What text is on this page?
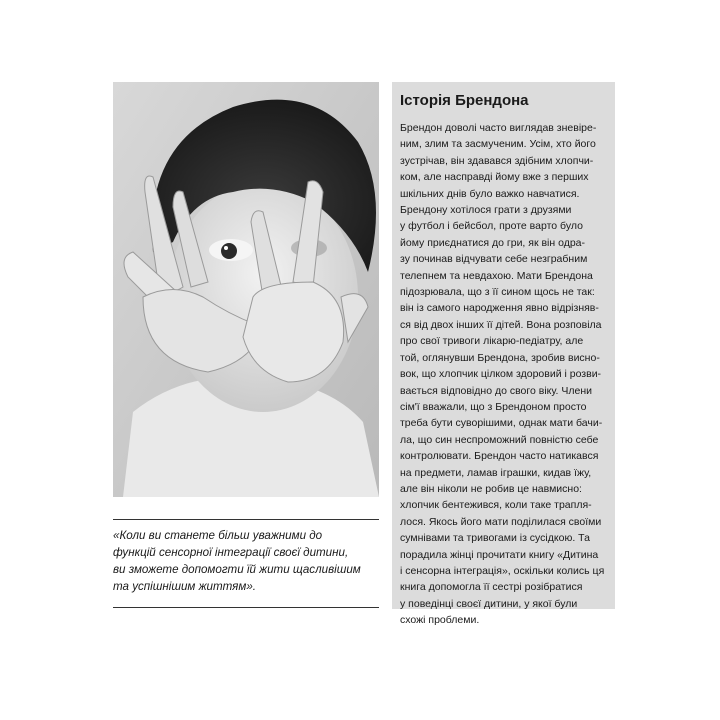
«Коли ви станете більш уважними до
функцій сенсорної інтеграції своєї дитини,
ви зможете допомогти їй жити щасливішим
та успішнішим життям».

Історія Брендона

Брендон доволі часто виглядав зневіре-
ним, злим та засмученим. Усім, хто його
зустрічав, він здавався здібним хлопчи-
ком, але насправді йому вже з перших
шкільних днів було важко навчатися.
Брендону хотілося грати з друзями
у футбол і бейсбол, проте варто було
йому приєднатися до гри, як він одра-
зу починав відчувати себе незграбним
телепнем та невдахою. Мати Брендона
підозрювала, що з її сином щось не так:
він із самого народження явно відрізняв-
ся від двох інших її дітей. Вона розповіла
про свої тривоги лікарю-педіатру, але
той, оглянувши Брендона, зробив виснo-
вок, що хлопчик цілком здоровий і розви-
вається відповідно до свого віку. Члени
сім'ї вважали, що з Брендоном просто
треба бути суворішими, однак мати бачи-
ла, що син неспроможний повністю себе
контролювати. Брендон часто натикався
на предмети, ламав іграшки, кидав їжу,
але він ніколи не робив це навмисно:
хлопчик бентежився, коли таке трапля-
лося. Якось його мати поділилася своїми
сумнівами та тривогами із сусідкою. Та
порадила жінці прочитати книгу «Дитина
і сенсорна інтеграція», оскільки колись ця
книга допомогла її сестрі розібратися
у поведінці своєї дитини, у якої були
схожі проблеми.
